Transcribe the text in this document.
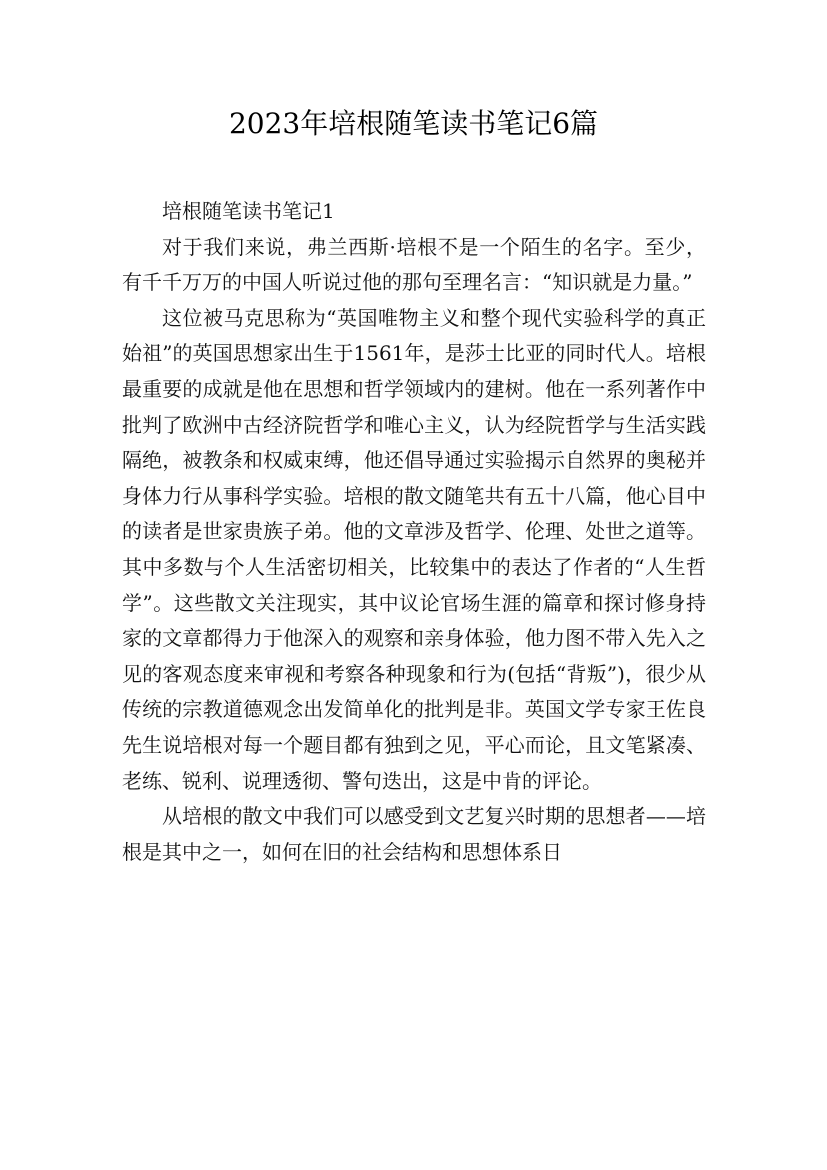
2023年培根随笔读书笔记6篇

培根随笔读书笔记1

对于我们来说，弗兰西斯·培根不是一个陌生的名字。至少，有千千万万的中国人听说过他的那句至理名言：“知识就是力量。”

这位被马克思称为“英国唯物主义和整个现代实验科学的真正始祖”的英国思想家出生于1561年，是莎士比亚的同时代人。培根最重要的成就是他在思想和哲学领域内的建树。他在一系列著作中批判了欧洲中古经济院哲学和唯心主义，认为经院哲学与生活实践隔绝，被教条和权威束缚，他还倡导通过实验揭示自然界的奥秘并身体力行从事科学实验。培根的散文随笔共有五十八篇，他心目中的读者是世家贵族子弟。他的文章涉及哲学、伦理、处世之道等。其中多数与个人生活密切相关，比较集中的表达了作者的“人生哲学”。这些散文关注现实，其中议论官场生涯的篇章和探讨修身持家的文章都得力于他深入的观察和亲身体验，他力图不带入先入之见的客观态度来审视和考察各种现象和行为(包括“背叛”)，很少从传统的宗教道德观念出发简单化的批判是非。英国文学专家王佐良先生说培根对每一个题目都有独到之见，平心而论，且文笔紧凑、老练、锐利、说理透彻、警句迭出，这是中肯的评论。

从培根的散文中我们可以感受到文艺复兴时期的思想者——培根是其中之一，如何在旧的社会结构和思想体系日
